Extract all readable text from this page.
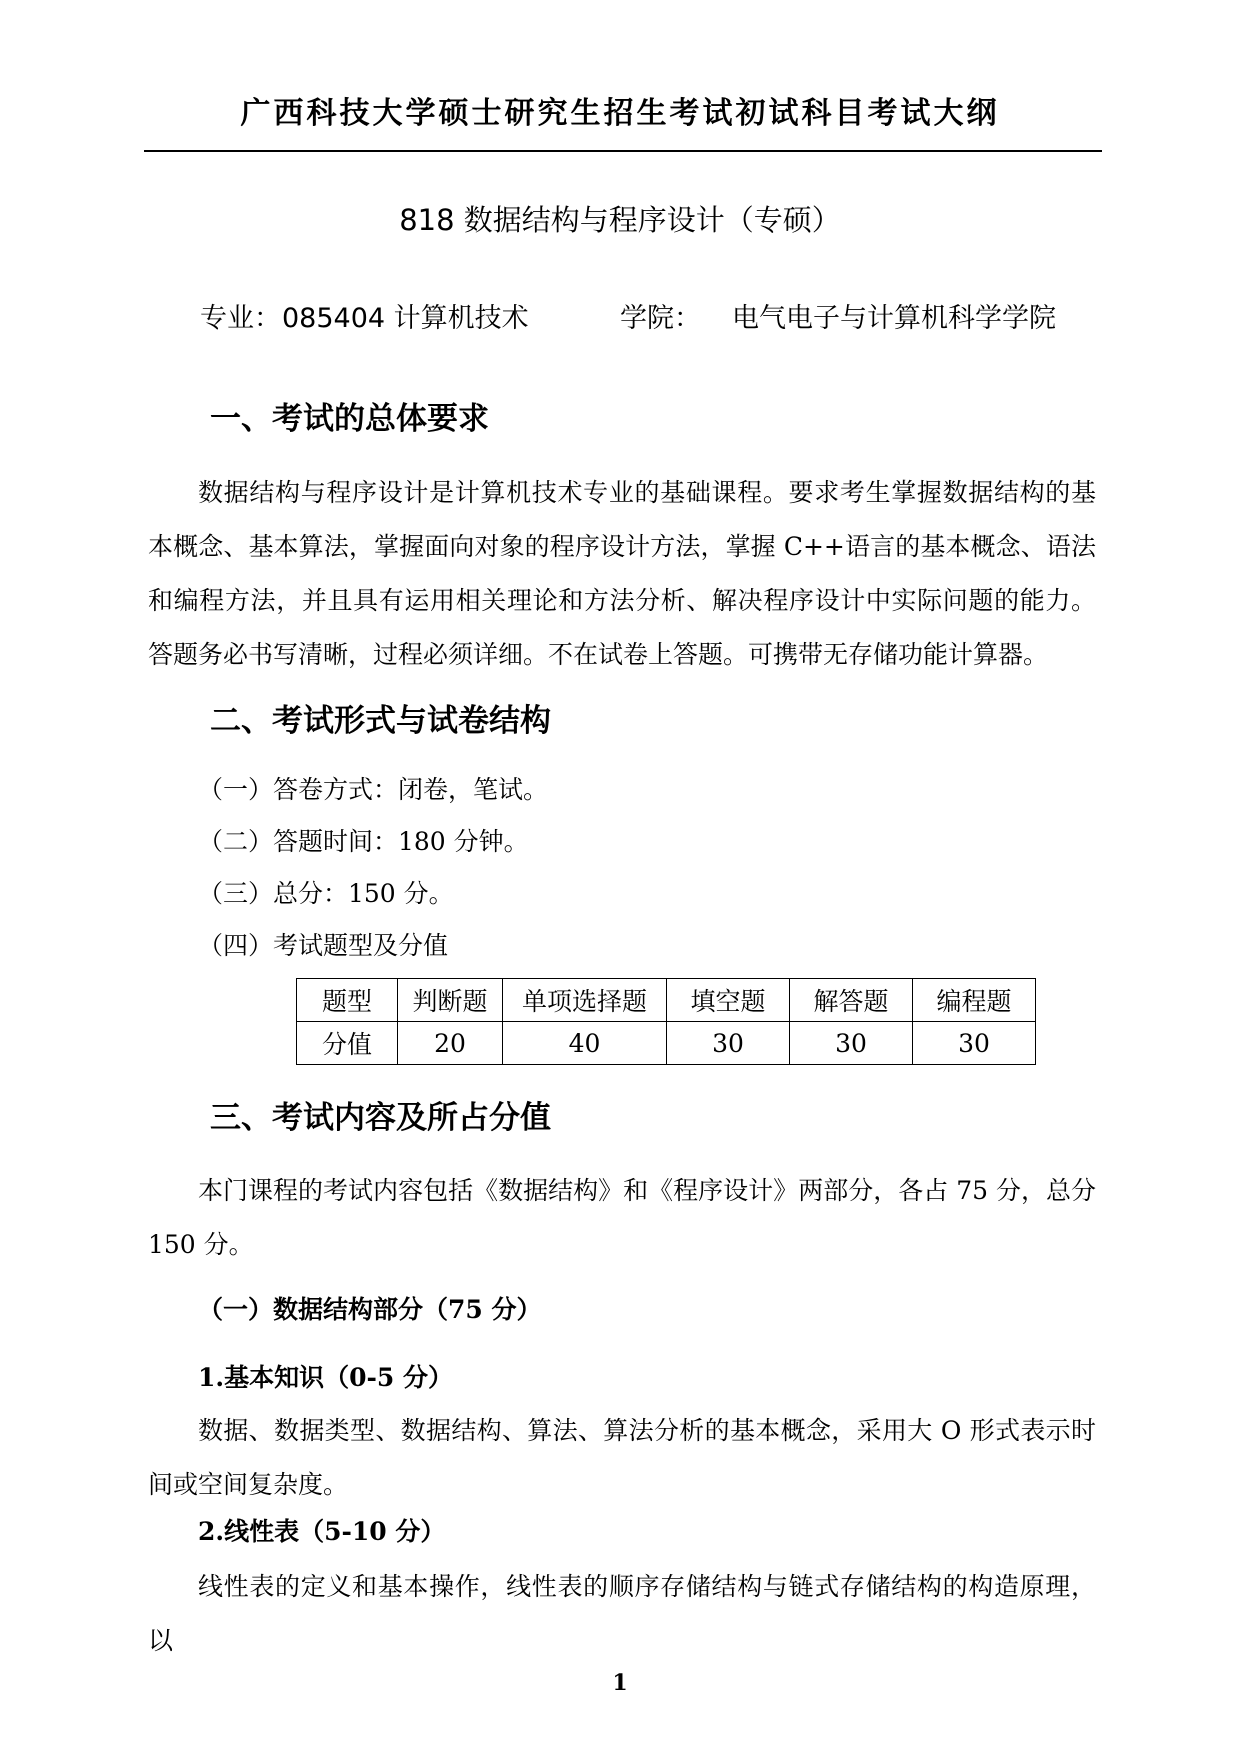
广西科技大学硕士研究生招生考试初试科目考试大纲
818 数据结构与程序设计（专硕）
专业： 085404 计算机技术	学院： 电气电子与计算机科学学院
一、考试的总体要求
数据结构与程序设计是计算机技术专业的基础课程。要求考生掌握数据结构的基本概念、基本算法，掌握面向对象的程序设计方法，掌握 C++语言的基本概念、语法和编程方法，并且具有运用相关理论和方法分析、解决程序设计中实际问题的能力。答题务必书写清晰，过程必须详细。不在试卷上答题。可携带无存储功能计算器。
二、考试形式与试卷结构
（一）答卷方式：闭卷，笔试。
（二）答题时间：180 分钟。
（三）总分：150 分。
（四）考试题型及分值
题型	判断题	单项选择题	填空题	解答题	编程题
分值	20	40	30	30	30
三、考试内容及所占分值
本门课程的考试内容包括《数据结构》和《程序设计》两部分，各占 75 分，总分 150 分。
（一）数据结构部分（75 分）
1.基本知识（0-5 分）
数据、数据类型、数据结构、算法、算法分析的基本概念，采用大 O 形式表示时间或空间复杂度。
2.线性表（5-10 分）
线性表的定义和基本操作，线性表的顺序存储结构与链式存储结构的构造原理，以
1
